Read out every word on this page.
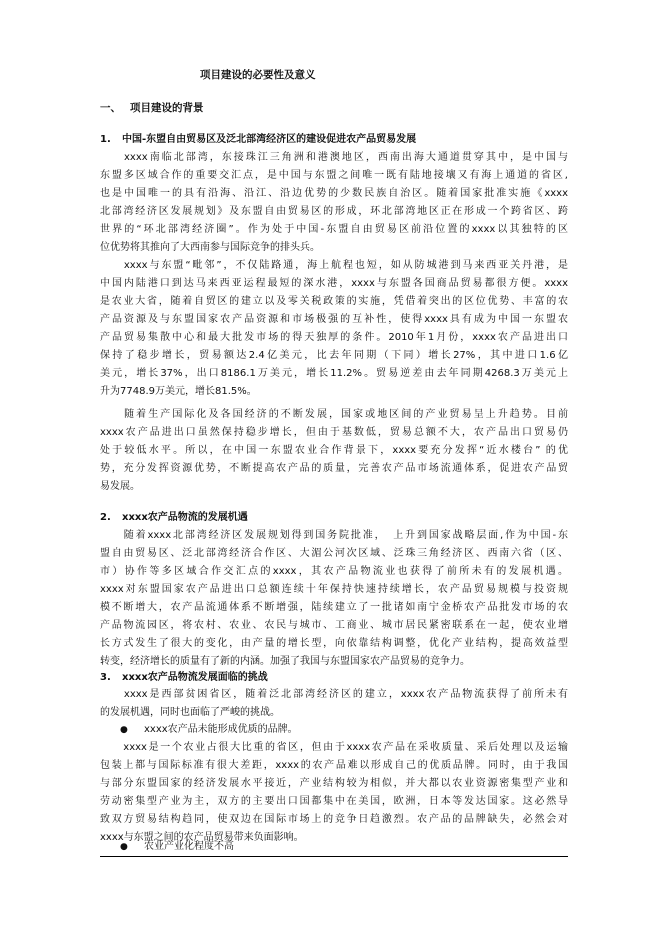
项目建设的必要性及意义
一、 项目建设的背景
1. 中国-东盟自由贸易区及泛北部湾经济区的建设促进农产品贸易发展
　　xxxx南临北部湾，东接珠江三角洲和港澳地区，西南出海大通道贯穿其中，是中国与
东盟多区域合作的重要交汇点，是中国与东盟之间唯一既有陆地接壤又有海上通道的省区,
也是中国唯一的具有沿海、沿江、沿边优势的少数民族自治区。随着国家批准实施《xxxx
北部湾经济区发展规划》及东盟自由贸易区的形成，环北部湾地区正在形成一个跨省区、跨
世界的“环北部湾经济圈”。作为处于中国-东盟自由贸易区前沿位置的xxxx以其独特的区
位优势将其推向了大西南参与国际竞争的排头兵。
　　xxxx与东盟“毗邻”，不仅陆路通，海上航程也短，如从防城港到马来西亚关丹港，是
中国内陆港口到达马来西亚运程最短的深水港，xxxx与东盟各国商品贸易都很方便。xxxx
是农业大省，随着自贸区的建立以及零关税政策的实施，凭借着突出的区位优势、丰富的农
产品资源及与东盟国家农产品资源和市场极强的互补性，使得xxxx具有成为中国一东盟农
产品贸易集散中心和最大批发市场的得天独厚的条件。2010年1月份，xxxx农产品进出口
保持了稳步增长，贸易额达2.4亿美元，比去年同期（下同）增长27%，其中进口1.6亿
美元，增长37%，出口8186.1万美元，增长11.2%。贸易逆差由去年同期4268.3万美元上
升为7748.9万美元，增长81.5%。
　　随着生产国际化及各国经济的不断发展，国家或地区间的产业贸易呈上升趋势。目前
xxxx农产品进出口虽然保持稳步增长，但由于基数低，贸易总额不大，农产品出口贸易仍
处于较低水平。所以，在中国一东盟农业合作背景下，xxxx要充分发挥“近水楼台” 的优
势，充分发挥资源优势，不断提高农产品的质量，完善农产品市场流通体系，促进农产品贸
易发展。
2. xxxx农产品物流的发展机遇
　　随着xxxx北部湾经济区发展规划得到国务院批准，　上升到国家战略层面,作为中国-东
盟自由贸易区、泛北部湾经济合作区、大湄公河次区域、泛珠三角经济区、西南六省（区、
市）协作等多区域合作交汇点的xxxx，其农产品物流业也获得了前所未有的发展机遇。
xxxx对东盟国家农产品进出口总额连续十年保持快速持续增长，农产品贸易规模与投资规
模不断增大，农产品流通体系不断增强，陆续建立了一批诸如南宁金桥农产品批发市场的农
产品物流园区，将农村、农业、农民与城市、工商业、城市居民紧密联系在一起，使农业增
长方式发生了很大的变化，由产量的增长型，向依靠结构调整，优化产业结构，提高效益型
转变，经济增长的质量有了新的内涵。加强了我国与东盟国家农产品贸易的竞争力。
3. xxxx农产品物流发展面临的挑战
　　xxxx是西部贫困省区，随着泛北部湾经济区的建立，xxxx农产品物流获得了前所未有
的发展机遇，同时也面临了严峻的挑战。
● xxxx农产品未能形成优质的品牌。
　　xxxx是一个农业占很大比重的省区，但由于xxxx农产品在采收质量、采后处理以及运输
包装上都与国际标准有很大差距，xxxx的农产品难以形成自己的优质品牌。同时，由于我国
与部分东盟国家的经济发展水平接近，产业结构较为相似，并大都以农业资源密集型产业和
劳动密集型产业为主，双方的主要出口国都集中在美国，欧洲，日本等发达国家。这必然导
致双方贸易结构趋同，使双边在国际市场上的竞争日趋激烈。农产品的品牌缺失，必然会对
xxxx与东盟之间的农产品贸易带来负面影响。
● 农业产业化程度不高
